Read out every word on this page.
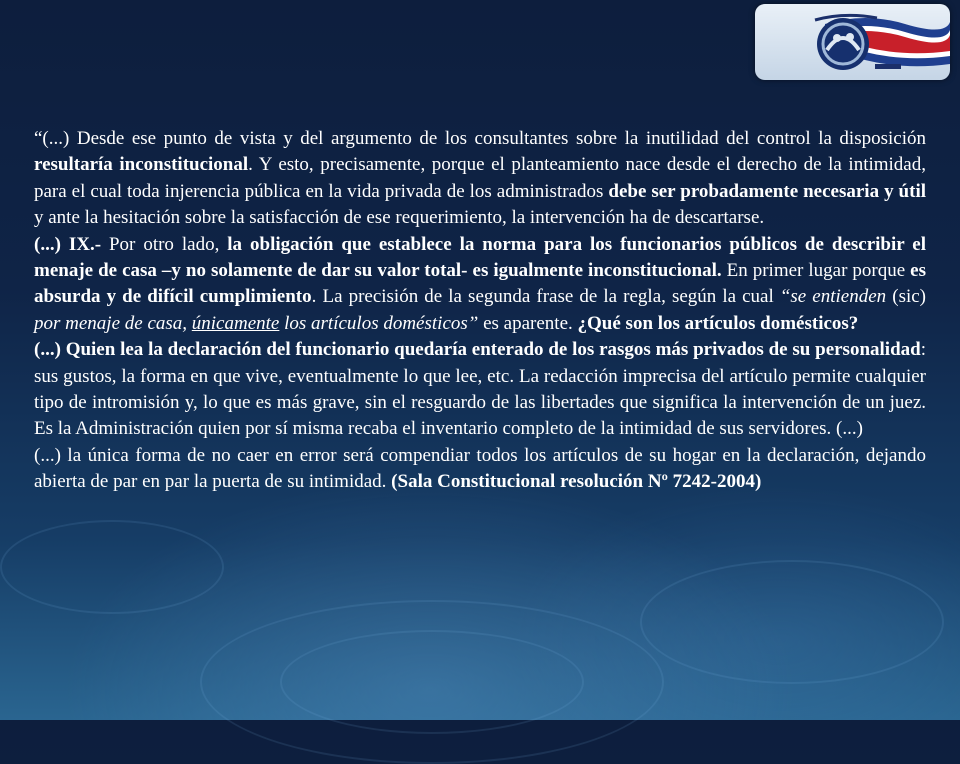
“(...) Desde ese punto de vista y del argumento de los consultantes sobre la inutilidad del control la disposición resultaría inconstitucional. Y esto, precisamente, porque el planteamiento nace desde el derecho de la intimidad, para el cual toda injerencia pública en la vida privada de los administrados debe ser probadamente necesaria y útil y ante la hesitación sobre la satisfacción de ese requerimiento, la intervención ha de descartarse.

(...) IX.- Por otro lado, la obligación que establece la norma para los funcionarios públicos de describir el menaje de casa –y no solamente de dar su valor total- es igualmente inconstitucional. En primer lugar porque es absurda y de difícil cumplimiento. La precisión de la segunda frase de la regla, según la cual “se entienden (sic) por menaje de casa, únicamente los artículos domésticos” es aparente. ¿Qué son los artículos domésticos?

(...) Quien lea la declaración del funcionario quedaría enterado de los rasgos más privados de su personalidad: sus gustos, la forma en que vive, eventualmente lo que lee, etc. La redacción imprecisa del artículo permite cualquier tipo de intromisión y, lo que es más grave, sin el resguardo de las libertades que significa la intervención de un juez. Es la Administración quien por sí misma recaba el inventario completo de la intimidad de sus servidores. (...)

(...) la única forma de no caer en error será compendiar todos los artículos de su hogar en la declaración, dejando abierta de par en par la puerta de su intimidad. (Sala Constitucional resolución Nº 7242-2004)
